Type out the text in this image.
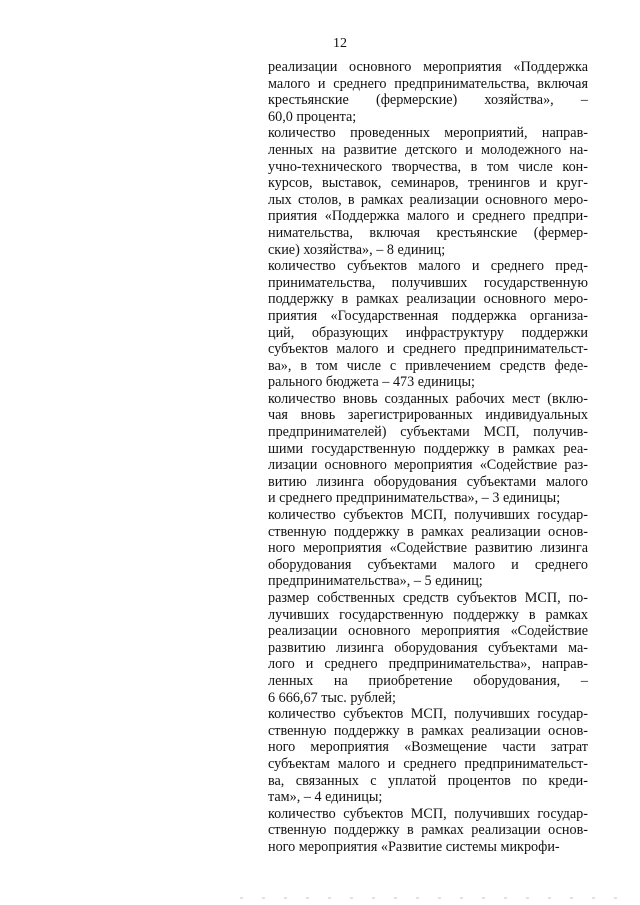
12
реализации основного мероприятия «Поддержка
малого и среднего предпринимательства, включая
крестьянские (фермерские) хозяйства», –
60,0 процента;
количество проведенных мероприятий, направ-
ленных на развитие детского и молодежного на-
учно-технического творчества, в том числе кон-
курсов, выставок, семинаров, тренингов и круг-
лых столов, в рамках реализации основного меро-
приятия «Поддержка малого и среднего предпри-
нимательства, включая крестьянские (фермер-
ские) хозяйства», – 8 единиц;
количество субъектов малого и среднего пред-
принимательства, получивших государственную
поддержку в рамках реализации основного меро-
приятия «Государственная поддержка организа-
ций, образующих инфраструктуру поддержки
субъектов малого и среднего предпринимательст-
ва», в том числе с привлечением средств феде-
рального бюджета – 473 единицы;
количество вновь созданных рабочих мест (вклю-
чая вновь зарегистрированных индивидуальных
предпринимателей) субъектами МСП, получив-
шими государственную поддержку в рамках реа-
лизации основного мероприятия «Содействие раз-
витию лизинга оборудования субъектами малого
и среднего предпринимательства», – 3 единицы;
количество субъектов МСП, получивших государ-
ственную поддержку в рамках реализации основ-
ного мероприятия «Содействие развитию лизинга
оборудования субъектами малого и среднего
предпринимательства», – 5 единиц;
размер собственных средств субъектов МСП, по-
лучивших государственную поддержку в рамках
реализации основного мероприятия «Содействие
развитию лизинга оборудования субъектами ма-
лого и среднего предпринимательства», направ-
ленных на приобретение оборудования, –
6 666,67 тыс. рублей;
количество субъектов МСП, получивших государ-
ственную поддержку в рамках реализации основ-
ного мероприятия «Возмещение части затрат
субъектам малого и среднего предпринимательст-
ва, связанных с уплатой процентов по креди-
там», – 4 единицы;
количество субъектов МСП, получивших государ-
ственную поддержку в рамках реализации основ-
ного мероприятия «Развитие системы микрофи-
